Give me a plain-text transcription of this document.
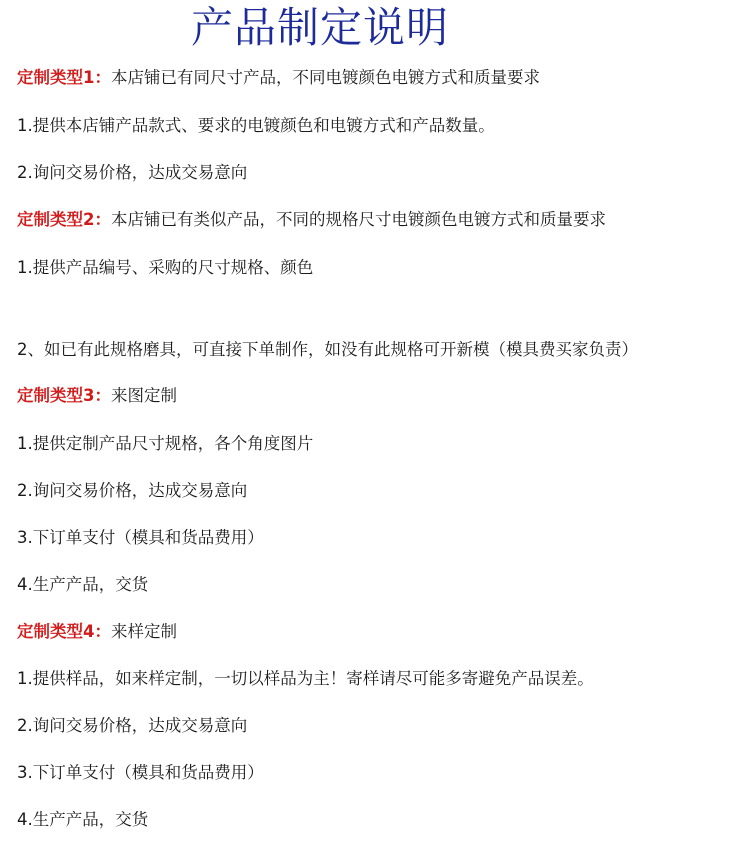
产品制定说明
定制类型1：本店铺已有同尺寸产品，不同电镀颜色电镀方式和质量要求
1.提供本店铺产品款式、要求的电镀颜色和电镀方式和产品数量。
2.询问交易价格，达成交易意向
定制类型2：本店铺已有类似产品，不同的规格尺寸电镀颜色电镀方式和质量要求
1.提供产品编号、采购的尺寸规格、颜色
2、如已有此规格磨具，可直接下单制作，如没有此规格可开新模（模具费买家负责）
定制类型3：来图定制
1.提供定制产品尺寸规格，各个角度图片
2.询问交易价格，达成交易意向
3.下订单支付（模具和货品费用）
4.生产产品，交货
定制类型4：来样定制
1.提供样品，如来样定制，一切以样品为主！寄样请尽可能多寄避免产品误差。
2.询问交易价格，达成交易意向
3.下订单支付（模具和货品费用）
4.生产产品，交货
